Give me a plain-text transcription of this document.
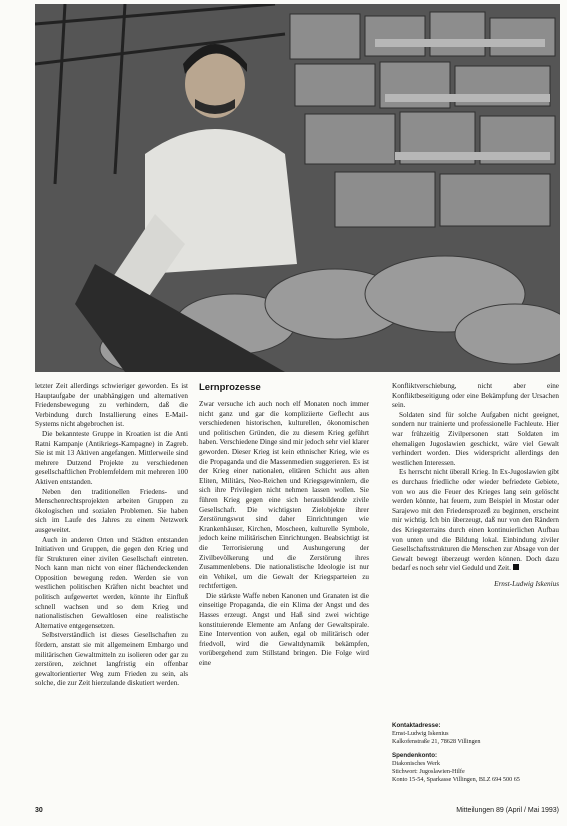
letzter Zeit allerdings schwieriger geworden. Es ist Hauptaufgabe der unabhängigen und alternativen Friedensbewegung zu verhindern, daß die Verbindung durch Installierung eines E-Mail-Systems nicht abgebrochen ist.

Die bekannteste Gruppe in Kroatien ist die Anti Ratni Kampanje (Antikriegs-Kampagne) in Zagreb. Sie ist mit 13 Aktiven angefangen. Mittlerweile sind mehrere Dutzend Projekte zu verschiedenen gesellschaftlichen Problemfeldern mit mehreren 100 Aktiven entstanden.

Neben den traditionellen Friedens- und Menschenrechtsprojekten arbeiten Gruppen zu ökologischen und sozialen Problemen. Sie haben sich im Laufe des Jahres zu einem Netzwerk ausgeweitet.

Auch in anderen Orten und Städten entstanden Initiativen und Gruppen, die gegen den Krieg und für Strukturen einer zivilen Gesellschaft eintreten. Noch kann man nicht von einer flächendeckenden Opposition bewegung reden. Werden sie von westlichen politischen Kräften nicht beachtet und politisch aufgewertet werden, könnte ihr Einfluß schnell wachsen und so dem Krieg und nationalistischen Gewaltlosen eine realistische Alternative entgegensetzen.

Selbstverständlich ist dieses Gesellschaften zu fördern, anstatt sie mit allgemeinem Embargo und militärischen Gewaltmitteln zu isolieren oder gar zu zerstören, zeichnet langfristig ein offenbar gewaltorientierter Weg zum Frieden zu sein, als solche, die zur Zeit hierzulande diskutiert werden.

Lernprozesse

Zwar versuche ich auch noch elf Monaten noch immer nicht ganz und gar die kompliziierte Geflecht aus verschiedenen historischen, kulturellen, ökonomischen und politischen Gründen, die zu diesem Krieg geführt haben. Verschiedene Dinge sind mir jedoch sehr viel klarer geworden. Dieser Krieg ist kein ethnischer Krieg, wie es die Propaganda und die Massenmedien suggerieren. Es ist der Krieg einer nationalen, elitären Schicht aus alten Eliten, Militärs, Neo-Reichen und Kriegsgewinnlern, die sich ihre Privilegien nicht nehmen lassen wollen. Sie führen Krieg gegen eine sich herausbildende zivile Gesellschaft. Die wichtigsten Zielobjekte ihrer Zerstörungswut sind daher Einrichtungen wie Krankenhäuser, Kirchen, Moscheen, kulturelle Symbole, jedoch keine militärischen Einrichtungen. Beabsichtigt ist die Terrorisierung und Aushungerung der Zivilbevölkerung und die Zerstörung ihres Zusammenlebens. Die nationalistische Ideologie ist nur ein Vehikel, um die Gewalt der Kriegsparteien zu rechtfertigen.

Die stärkste Waffe neben Kanonen und Granaten ist die einseitige Propaganda, die ein Klima der Angst und des Hasses erzeugt. Angst und Haß sind zwei wichtige konstituierende Elemente am Anfang der Gewaltspirale. Eine Intervention von außen, egal ob militärisch oder friedvoll, wird die Gewaltdynamik bekämpfen, vorübergehend zum Stillstand bringen. Die Folge wird eine

Konfliktverschiebung, nicht aber eine Konfliktbeseitigung oder eine Bekämpfung der Ursachen sein.

Soldaten sind für solche Aufgaben nicht geeignet, sondern nur trainierte und professionelle Fachleute. Hier war frühzeitig Zivilpersonen statt Soldaten im ehemaligen Jugoslawien geschickt, wäre viel Gewalt verhindert worden. Dies widerspricht allerdings den westlichen Interessen.

Es herrscht nicht überall Krieg. In Ex-Jugoslawien gibt es durchaus friedliche oder wieder befriedete Gebiete, von wo aus die Feuer des Krieges lang sein gelöscht werden könnte, hat feuern, zum Beispiel in Mostar oder Sarajewo mit den Friedensprozeß zu beginnen, erscheint mir wichtig. Ich bin überzeugt, daß nur von den Rändern des Kriegsterrains durch einen kontinuierlichen Aufbau von unten und die Bildung lokal. Einbindung ziviler Gesellschaftsstrukturen die Menschen zur Absage von der Gewalt bewegt überzeugt werden können. Doch dazu bedarf es noch sehr viel Geduld und Zeit.

Ernst-Ludwig Iskenius
Kontaktadresse:
Ernst-Ludwig Iskenius
Kalkofenstraße 21, 78628 Villingen
Spendenkonto:
Diakonisches Werk
Stichwort: Jugoslawien-Hilfe
Konto 15-54, Sparkasse Villingen, BLZ 694 500 65
30	Mitteilungen 89 (April / Mai 1993)
